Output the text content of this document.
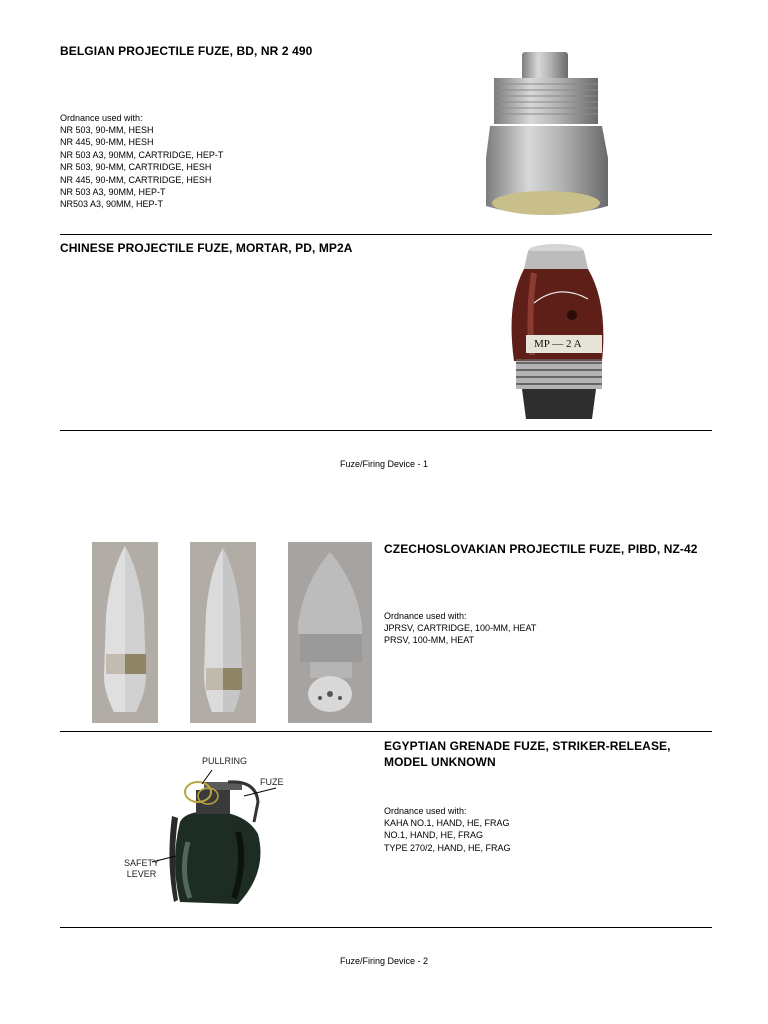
BELGIAN PROJECTILE FUZE, BD, NR 2 490
Ordnance used with:
NR 503, 90-MM, HESH
NR 445, 90-MM, HESH
NR 503 A3, 90MM, CARTRIDGE, HEP-T
NR 503, 90-MM, CARTRIDGE, HESH
NR 445, 90-MM, CARTRIDGE, HESH
NR 503 A3, 90MM, HEP-T
NR503 A3, 90MM, HEP-T
CHINESE PROJECTILE FUZE, MORTAR, PD, MP2A
MP — 2 A
Fuze/Firing Device - 1
CZECHOSLOVAKIAN PROJECTILE FUZE, PIBD, NZ-42
Ordnance used with:
JPRSV, CARTRIDGE, 100-MM, HEAT
PRSV, 100-MM, HEAT
PULLRING
FUZE
SAFETY
LEVER
EGYPTIAN GRENADE FUZE, STRIKER-RELEASE,
MODEL UNKNOWN
Ordnance used with:
KAHA NO.1, HAND, HE, FRAG
NO.1, HAND, HE, FRAG
TYPE 270/2, HAND, HE, FRAG
Fuze/Firing Device - 2
